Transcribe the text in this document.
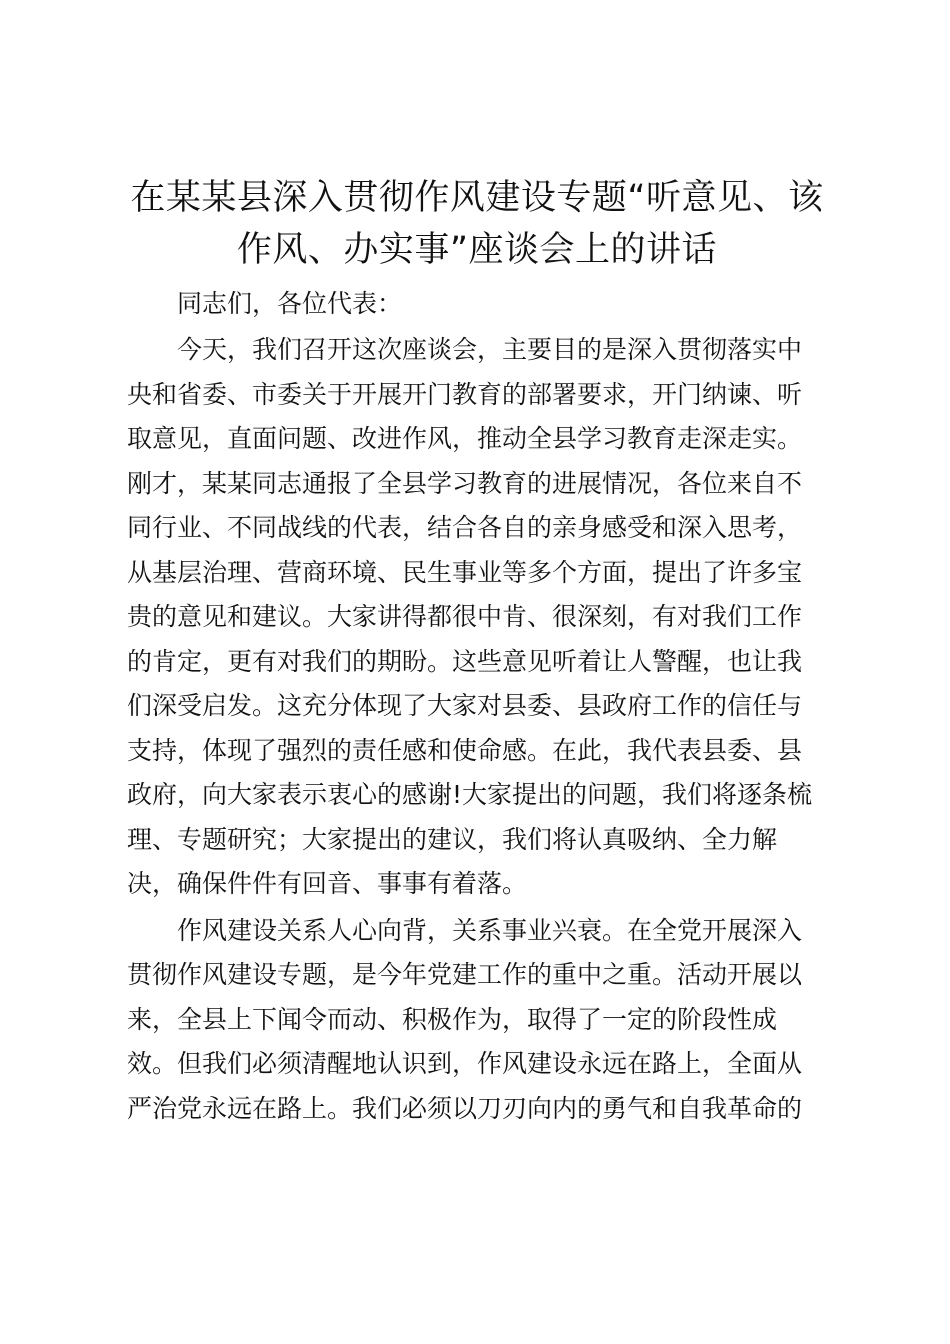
在某某县深入贯彻作风建设专题“听意见、该
作风、办实事”座谈会上的讲话
同志们，各位代表：
今天，我们召开这次座谈会，主要目的是深入贯彻落实中
央和省委、市委关于开展开门教育的部署要求，开门纳谏、听
取意见，直面问题、改进作风，推动全县学习教育走深走实。
刚才，某某同志通报了全县学习教育的进展情况，各位来自不
同行业、不同战线的代表，结合各自的亲身感受和深入思考，
从基层治理、营商环境、民生事业等多个方面，提出了许多宝
贵的意见和建议。大家讲得都很中肯、很深刻，有对我们工作
的肯定，更有对我们的期盼。这些意见听着让人警醒，也让我
们深受启发。这充分体现了大家对县委、县政府工作的信任与
支持，体现了强烈的责任感和使命感。在此，我代表县委、县
政府，向大家表示衷心的感谢!大家提出的问题，我们将逐条梳
理、专题研究；大家提出的建议，我们将认真吸纳、全力解
决，确保件件有回音、事事有着落。
作风建设关系人心向背，关系事业兴衰。在全党开展深入
贯彻作风建设专题，是今年党建工作的重中之重。活动开展以
来，全县上下闻令而动、积极作为，取得了一定的阶段性成
效。但我们必须清醒地认识到，作风建设永远在路上，全面从
严治党永远在路上。我们必须以刀刃向内的勇气和自我革命的
